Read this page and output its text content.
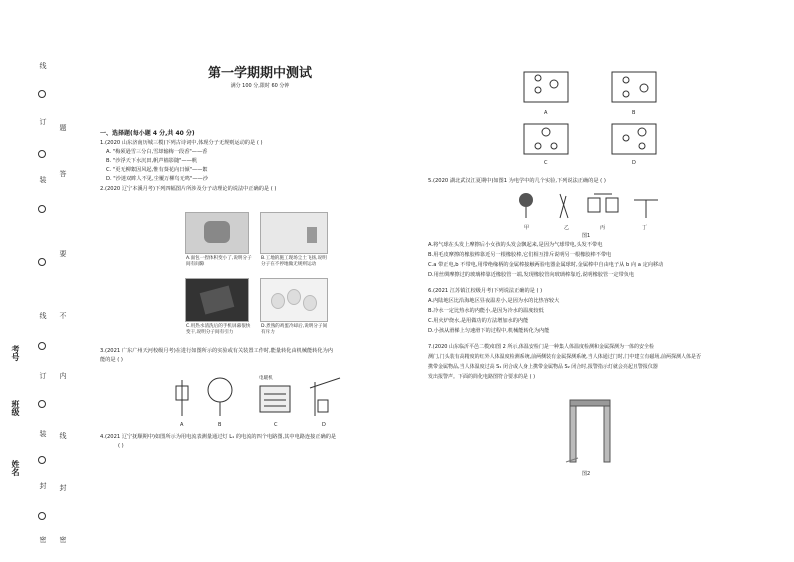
线
题
订
答
装
要
不
线
内
订
线
装
封
封
密 密
考号
班级
姓名
第一学期期中测试
满分 100 分,限时 60 分钟
一、选择题(每小题 4 分,共 40 分)
1.(2020 山东济南历城三模)下列古诗词中,体现分子无规则运动的是 ( )
A. "梅须逊雪三分白,雪却输梅一段香"——香
B. "沙浮天下水沉田,帆声樯影随"——帆
C. "更无柳絮因风起,惟有葵花向日倾"——絮
D. "沙迷双眸人不见,尘覆万柳鸟无鸣"——沙
2.(2020 辽宁本溪月考)下列四幅图片所涉及分子动理论的说法中正确的是 ( )
A.面包一捏体积变小了,说明分子间有间隙
B.工地的施工现场尘土飞扬,说明分子在不停地做无规则运动
C.用热水清洗后的手机屏幕很快变干,说明分子间有引力
D.煮熟的鸡蛋冷却后,说明分子间有斥力
3.(2021 广东广州天河校级月考)在进行如图所示的实验或有关装置工作时,能量转化由机械能转化为内
能的是 ( )
电暖机
A	B	C	D
4.(2021 辽宁抚顺期中)如图所示为用电流表测量通过灯 L₁ 的电流的四个电路图,其中电路连接正确的是
( )
A	B
C	D
5.(2020 湖北武汉江夏期中)如图1 为电学中的几个实验,下列说法正确的是 ( )
甲	乙	丙	丁
图1
A.将气球在头发上摩擦后小女孩的头发会飘起来,是因为气球带电,头发不带电
B.用毛皮摩擦的橡胶棒靠近另一根橡胶棒,它们相互排斥说明另一根橡胶棒不带电
C.a 带正电,b 不带电,用带绝缘柄的金属棒接触两验电器金属球时,金属棒中自由电子从 b 向 a 定向移动
D.用丝绸摩擦过的玻璃棒靠近橡胶管一端,发现橡胶管向玻璃棒靠近,说明橡胶管一定带负电
6.(2021 江苏镇江校级月考)下列说法正确的是 ( )
A.内陆地区比沿海地区昼夜温差小,是因为水的比热容较大
B.冷水一定比热水的内能小,是因为冷水的温度较低
C.用火炉烧水,是用做功的方法增加水的内能
D.小孩从滑梯上匀速滑下的过程中,机械能转化为内能
7.(2020 山东临沂平邑二模)如图 2 所示,体温安检门是一种集人体温度检测和金属探测为一体的安全检
测门,门头装有高精度的红外人体温度检测系统,前两侧装有金属探测系统,当人体通过门时,门中建立有磁场,前两探测人体是否
携带金属物品,当人体温度过高 S₁ 闭合或人身上携带金属物品 S₂ 闭合时,报警指示灯就会亮起且警报仪器
发出报警声。下面的简化电路图符合要求的是 ( )
图2
